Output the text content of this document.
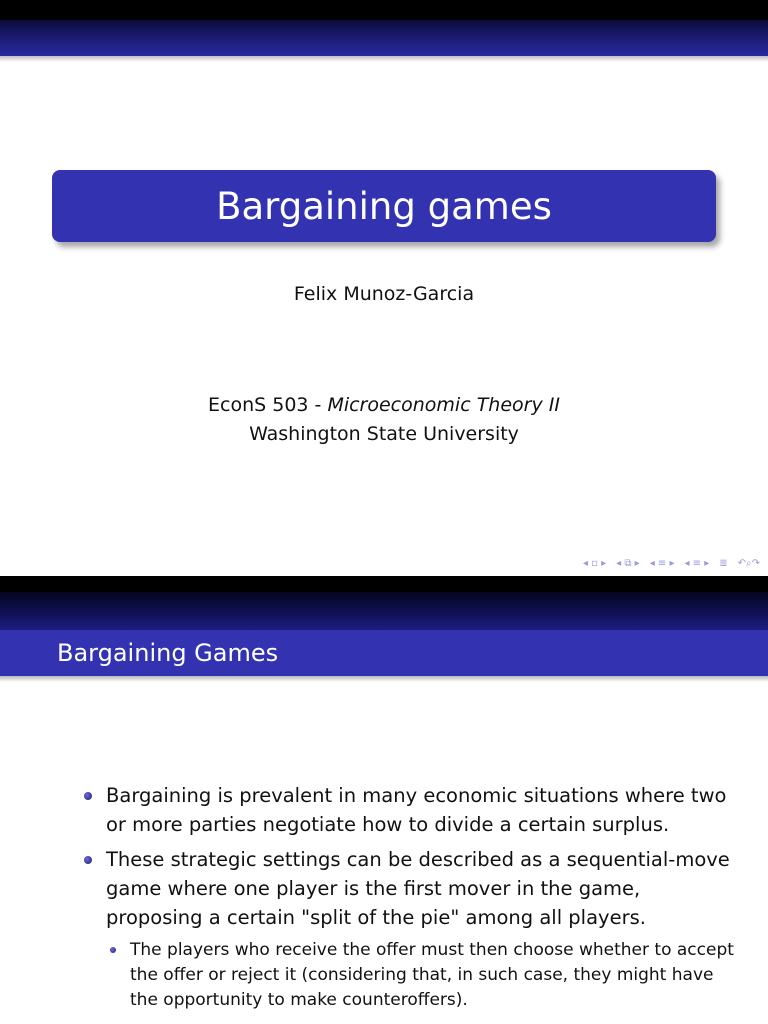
Bargaining games
Felix Munoz-Garcia
EconS 503 - Microeconomic Theory II
Washington State University
◂ ▫ ▸ ◂ ⧉ ▸ ◂ ≡ ▸ ◂ ≡ ▸ ≣ ↶⌕↷
Bargaining Games
Bargaining is prevalent in many economic situations where two or more parties negotiate how to divide a certain surplus.
These strategic settings can be described as a sequential-move game where one player is the first mover in the game, proposing a certain "split of the pie" among all players.
The players who receive the offer must then choose whether to accept the offer or reject it (considering that, in such case, they might have the opportunity to make counteroffers).
